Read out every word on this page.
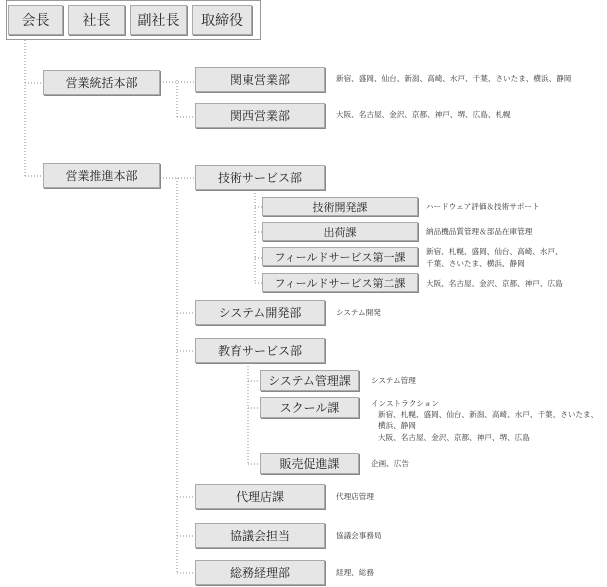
会長	社長	副社長	取締役
営業統括本部	関東営業部	新宿、盛岡、仙台、新潟、高崎、水戸、千葉、さいたま、横浜、静岡
関西営業部	大阪、名古屋、金沢、京都、神戸、堺、広島、札幌
営業推進本部	技術サービス部
技術開発課	ハードウェア評価＆技術サポート
出荷課	納品機品質管理＆部品在庫管理
フィールドサービス第一課	新宿、札幌、盛岡、仙台、高崎、水戸、
千葉、さいたま、横浜、静岡
フィールドサービス第二課	大阪、名古屋、金沢、京都、神戸、広島
システム開発部	システム開発
教育サービス部
システム管理課	システム管理
スクール課	インストラクション
新宿、札幌、盛岡、仙台、新潟、高崎、水戸、千葉、さいたま、
横浜、静岡
大阪、名古屋、金沢、京都、神戸、堺、広島
販売促進課	企画、広告
代理店課	代理店管理
協議会担当	協議会事務局
総務経理部	経理、総務
